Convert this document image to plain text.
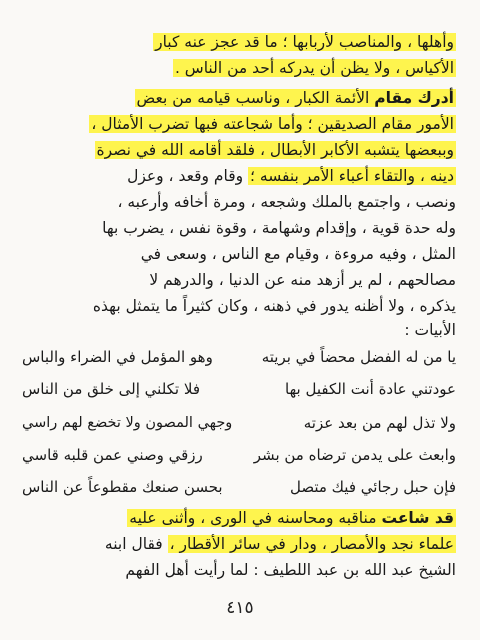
وأهلها ، والمناصب لأربابها ؛ ما قد عجز عنه كبار
الأكياس ، ولا يظن أن يدركه أحد من الناس .
أدرك مقام الأئمة الكبار ، وناسب قيامه من بعض
الأمور مقام الصديقين ؛ وأما شجاعته فبها تضرب الأمثال ،
وببعضها يتشبه الأكابر الأبطال ، فلقد أقامه الله في نصرة
دينه ، والتقاء أعباء الأمر بنفسه ؛ وقام وقعد ، وعزل
ونصب ، واجتمع بالملك وشجعه ، ومرة أخافه وأرعبه ،
وله حدة قوية ، وإقدام وشهامة ، وقوة نفس ، يضرب بها
المثل ، وفيه مروءة ، وقيام مع الناس ، وسعى في
مصالحهم ، لم ير أزهد منه عن الدنيا ، والدرهم لا
يذكره ، ولا أظنه يدور في ذهنه ، وكان كثيراً ما يتمثل بهذه
الأبيات :
يا من له الفضل محضاً في بريته
وهو المؤمل في الضراء والباس
عودتني عادة أنت الكفيل بها
فلا تكلني إلى خلق من الناس
ولا تذل لهم من بعد عزته
وجهي المصون ولا تخضع لهم راسي
وابعث على يدمن ترضاه من بشر
رزقي وصني عمن قلبه قاسي
فإن حبل رجائي فيك متصل
بحسن صنعك مقطوعاً عن الناس
قد شاعت مناقبه ومحاسنه في الورى ، وأثنى عليه
علماء نجد والأمصار ، ودار في سائر الأقطار ، فقال ابنه
الشيخ عبد الله بن عبد اللطيف : لما رأيت أهل الفهم
٤١٥
